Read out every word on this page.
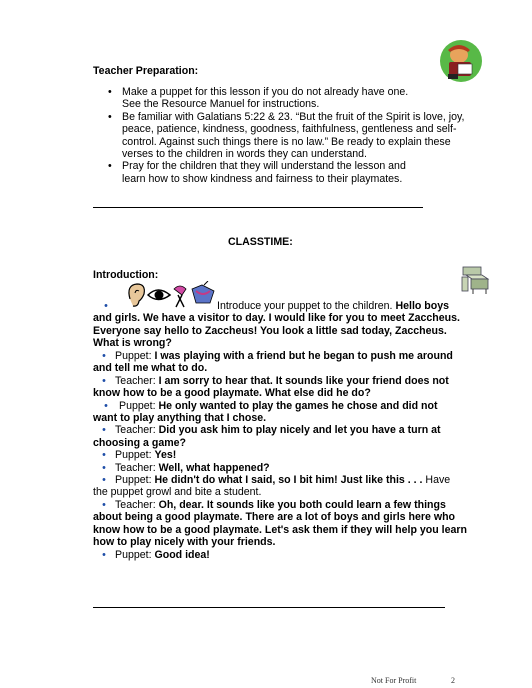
Teacher Preparation:
• Make a puppet for this lesson if you do not already have one.
See the Resource Manuel for instructions.
• Be familiar with Galatians 5:22 & 23. “But the fruit of the Spirit is love, joy,
peace, patience, kindness, goodness, faithfulness, gentleness and self-
control. Against such things there is no law.” Be ready to explain these
verses to the children in words they can understand.
• Pray for the children that they will understand the lesson and
learn how to show kindness and fairness to their playmates.
CLASSTIME:
Introduction:
•	Introduce your puppet to the children. Hello boys
and girls. We have a visitor to day. I would like for you to meet Zaccheus.
Everyone say hello to Zaccheus! You look a little sad today, Zaccheus.
What is wrong?

• Puppet: I was playing with a friend but he began to push me around

and tell me what to do.

• Teacher: I am sorry to hear that. It sounds like your friend does not

know how to be a good playmate. What else did he do?

• Puppet: He only wanted to play the games he chose and did not

want to play anything that I chose.

• Teacher: Did you ask him to play nicely and let you have a turn at

choosing a game?

• Puppet: Yes!

• Teacher: Well, what happened?

• Puppet: He didn't do what I said, so I bit him! Just like this . . . Have

the puppet growl and bite a student.

• Teacher: Oh, dear. It sounds like you both could learn a few things

about being a good playmate. There are a lot of boys and girls here who

know how to be a good playmate. Let's ask them if they will help you learn

how to play nicely with your friends.

• Puppet: Good idea!

Not For Profit	2
